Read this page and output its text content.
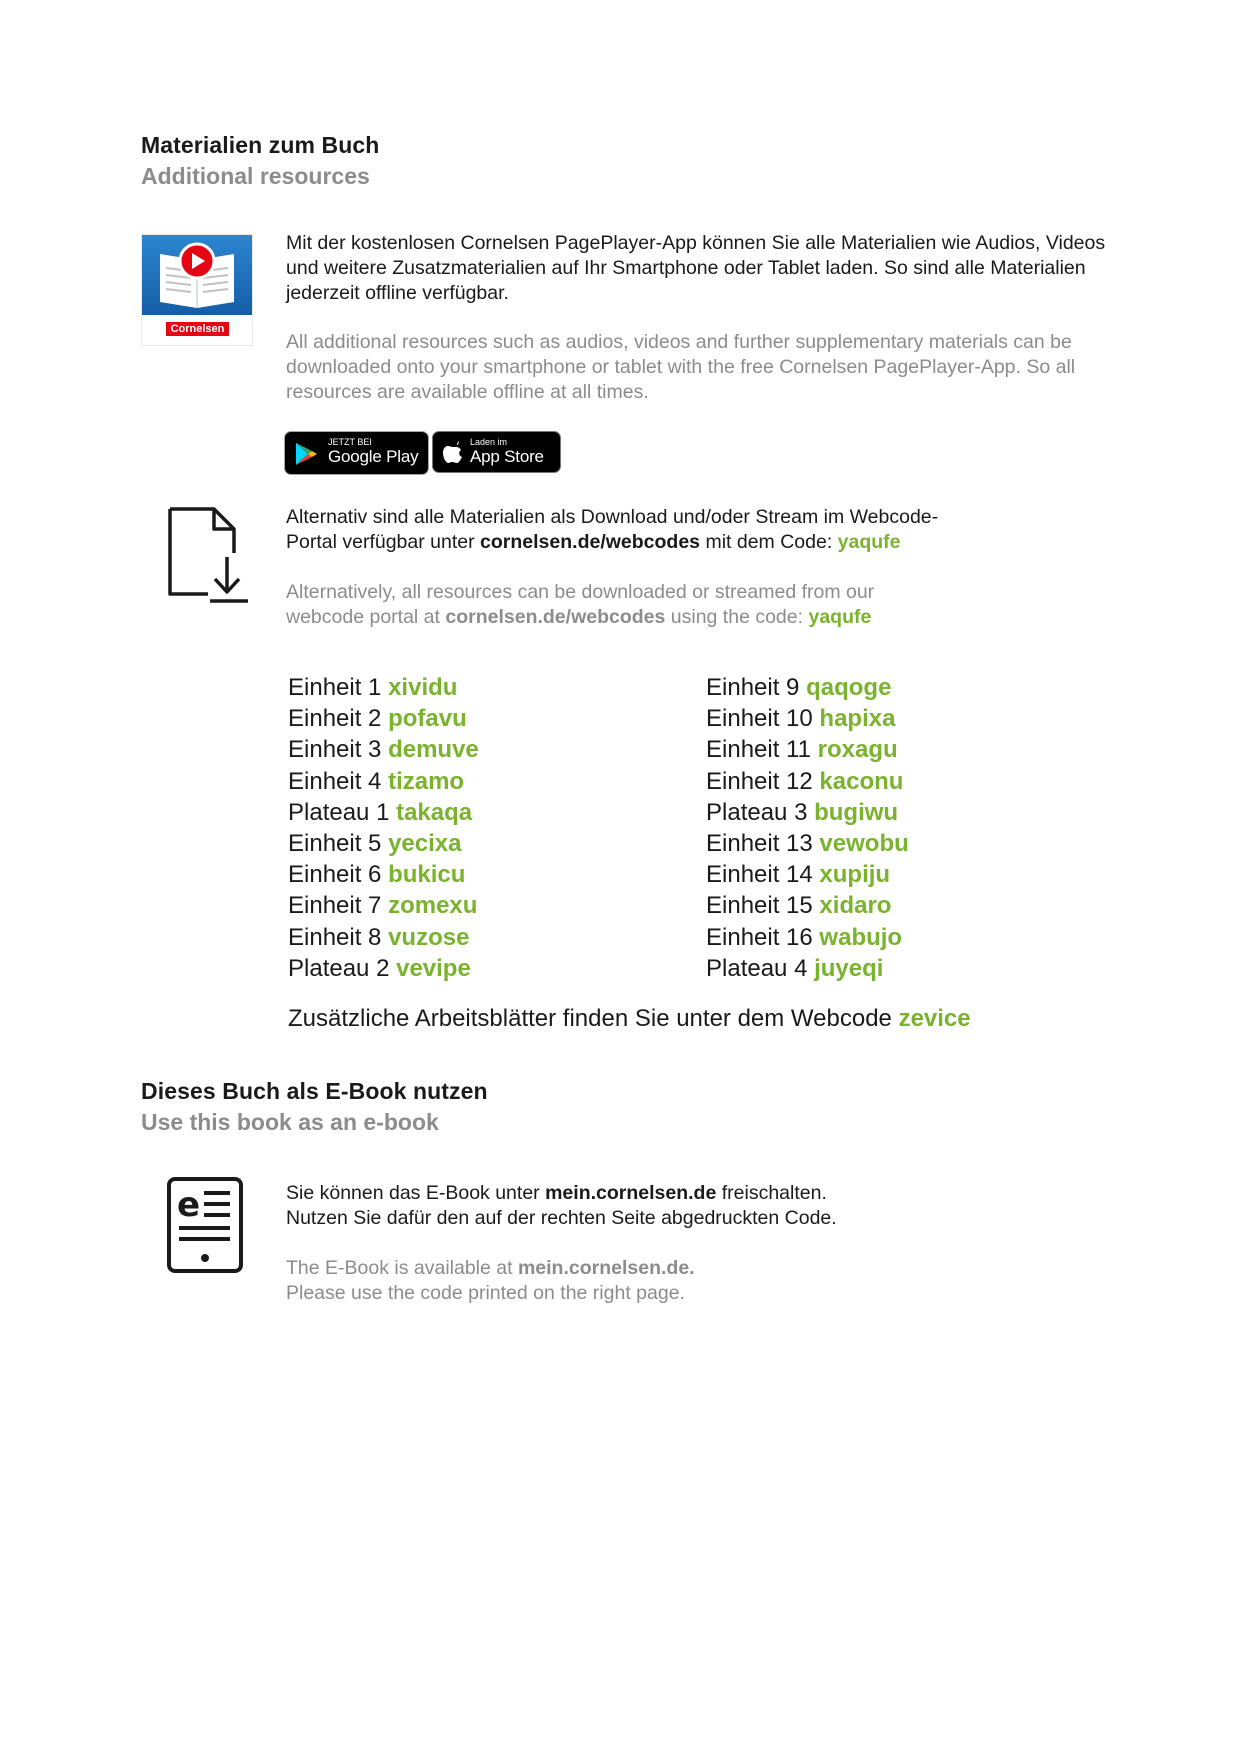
Materialien zum Buch
Additional resources
Cornelsen
Mit der kostenlosen Cornelsen PagePlayer-App können Sie alle Materialien wie Audios, Videos und weitere Zusatzmaterialien auf Ihr Smartphone oder Tablet laden. So sind alle Materialien jederzeit offline verfügbar.
All additional resources such as audios, videos and further supplementary materials can be downloaded onto your smartphone or tablet with the free Cornelsen PagePlayer-App. So all resources are available offline at all times.
JETZT BEI
Google Play
Laden im
App Store
Alternativ sind alle Materialien als Download und/oder Stream im Webcode-
Portal verfügbar unter cornelsen.de/webcodes mit dem Code: yaqufe
Alternatively, all resources can be downloaded or streamed from our
webcode portal at cornelsen.de/webcodes using the code: yaqufe
Einheit 1 xividu
Einheit 2 pofavu
Einheit 3 demuve
Einheit 4 tizamo
Plateau 1 takaqa
Einheit 5 yecixa
Einheit 6 bukicu
Einheit 7 zomexu
Einheit 8 vuzose
Plateau 2 vevipe
Einheit 9 qaqoge
Einheit 10 hapixa
Einheit 11 roxagu
Einheit 12 kaconu
Plateau 3 bugiwu
Einheit 13 vewobu
Einheit 14 xupiju
Einheit 15 xidaro
Einheit 16 wabujo
Plateau 4 juyeqi
Zusätzliche Arbeitsblätter finden Sie unter dem Webcode zevice
Dieses Buch als E-Book nutzen
Use this book as an e-book
e	Sie können das E-Book unter mein.cornelsen.de freischalten.
Nutzen Sie dafür den auf der rechten Seite abgedruckten Code.
The E-Book is available at mein.cornelsen.de.
Please use the code printed on the right page.
